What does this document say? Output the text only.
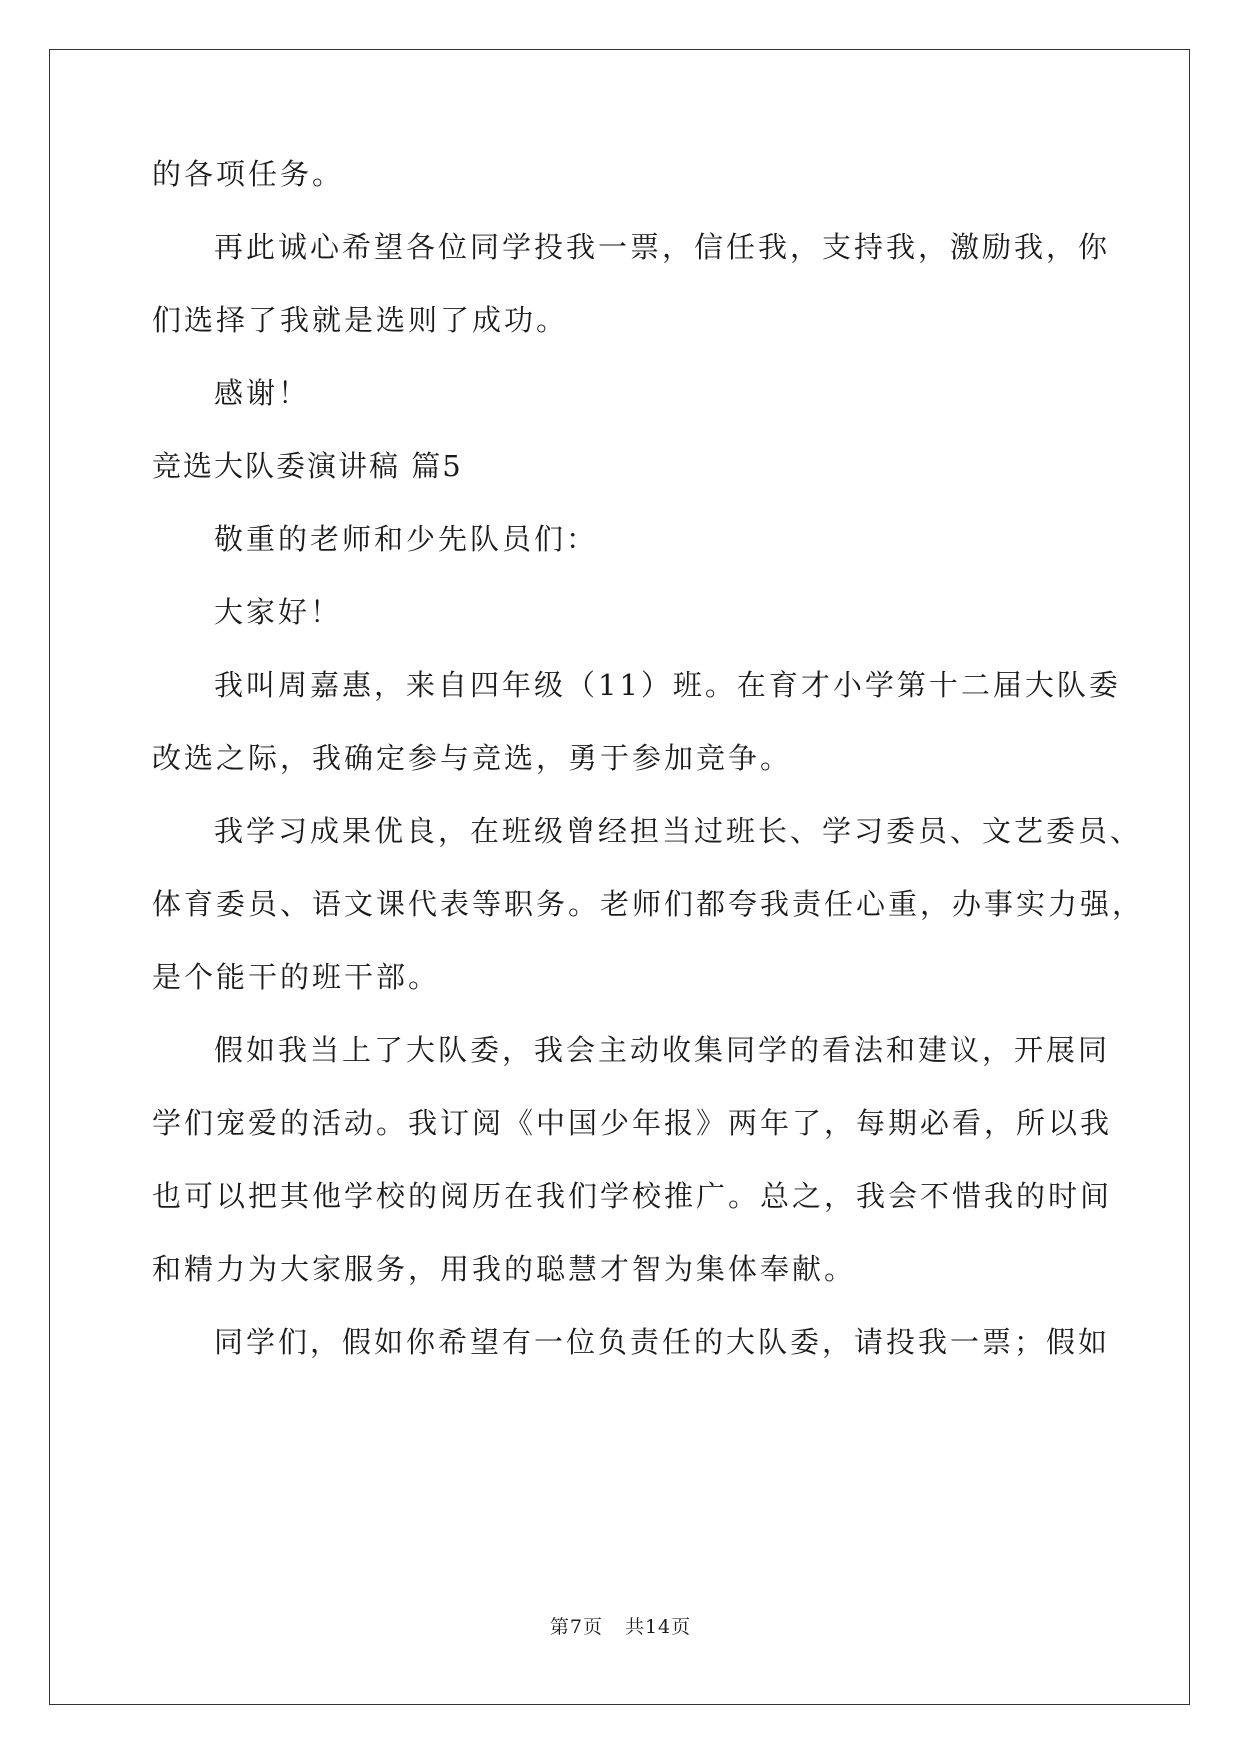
的各项任务。
再此诚心希望各位同学投我一票，信任我，支持我，激励我，你
们选择了我就是选则了成功。
感谢！
竞选大队委演讲稿 篇5
敬重的老师和少先队员们：
大家好！
我叫周嘉惠，来自四年级（11）班。在育才小学第十二届大队委
改选之际，我确定参与竞选，勇于参加竞争。
我学习成果优良，在班级曾经担当过班长、学习委员、文艺委员、
体育委员、语文课代表等职务。老师们都夸我责任心重，办事实力强，
是个能干的班干部。
假如我当上了大队委，我会主动收集同学的看法和建议，开展同
学们宠爱的活动。我订阅《中国少年报》两年了，每期必看，所以我
也可以把其他学校的阅历在我们学校推广。总之，我会不惜我的时间
和精力为大家服务，用我的聪慧才智为集体奉献。
同学们，假如你希望有一位负责任的大队委，请投我一票；假如
第7页 共14页
